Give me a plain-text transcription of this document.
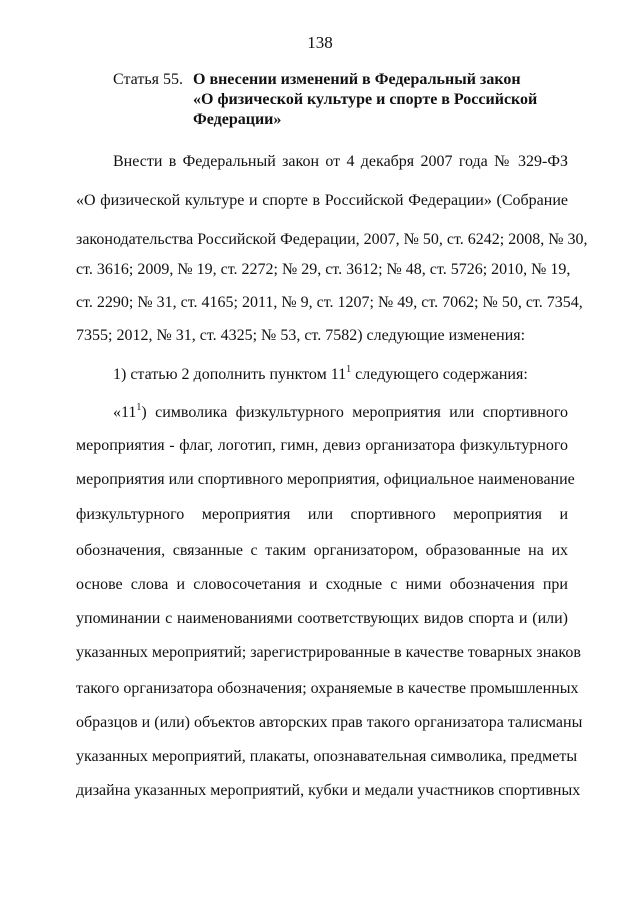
138
Статья 55. О внесении изменений в Федеральный закон
«О физической культуре и спорте в Российской
Федерации»
Внести в Федеральный закон от 4 декабря 2007 года № 329-ФЗ
«О физической культуре и спорте в Российской Федерации» (Собрание
законодательства Российской Федерации, 2007, № 50, ст. 6242; 2008, № 30,
ст. 3616; 2009, № 19, ст. 2272; № 29, ст. 3612; № 48, ст. 5726; 2010, № 19,
ст. 2290; № 31, ст. 4165; 2011, № 9, ст. 1207; № 49, ст. 7062; № 50, ст. 7354,
7355; 2012, № 31, ст. 4325; № 53, ст. 7582) следующие изменения:
1) статью 2 дополнить пунктом $11^1$ следующего содержания:
«$11^1$) символика физкультурного мероприятия или спортивного
мероприятия - флаг, логотип, гимн, девиз организатора физкультурного
мероприятия или спортивного мероприятия, официальное наименование
физкультурного мероприятия или спортивного мероприятия и
обозначения, связанные с таким организатором, образованные на их
основе слова и словосочетания и сходные с ними обозначения при
упоминании с наименованиями соответствующих видов спорта и (или)
указанных мероприятий; зарегистрированные в качестве товарных знаков
такого организатора обозначения; охраняемые в качестве промышленных
образцов и (или) объектов авторских прав такого организатора талисманы
указанных мероприятий, плакаты, опознавательная символика, предметы
дизайна указанных мероприятий, кубки и медали участников спортивных
